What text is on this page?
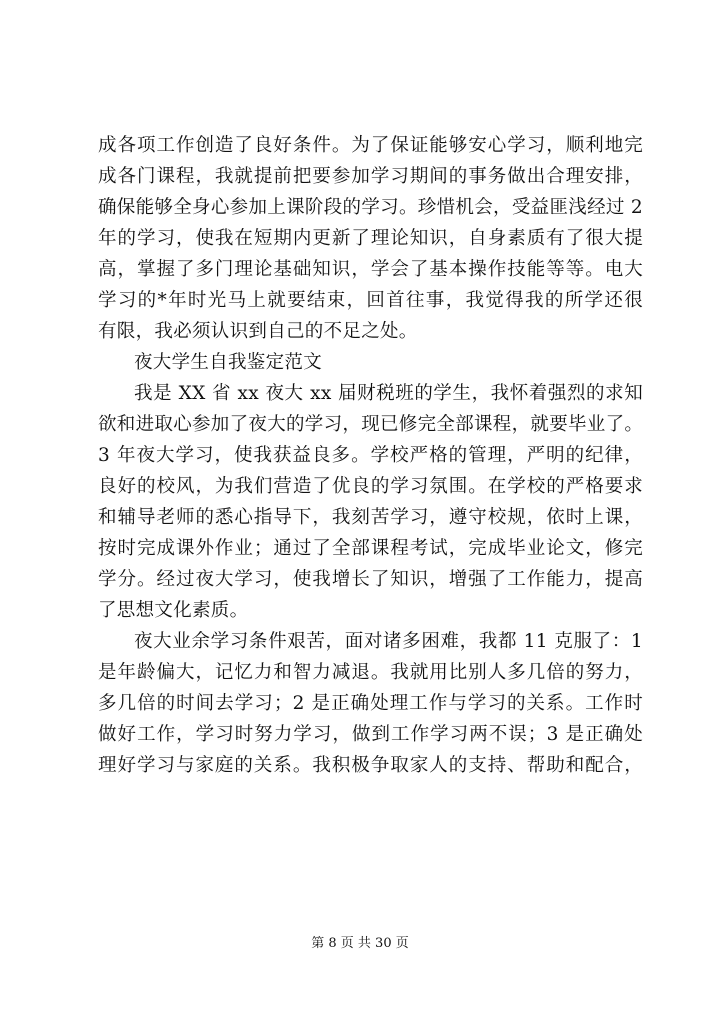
成各项工作创造了良好条件。为了保证能够安心学习，顺利地完
成各门课程，我就提前把要参加学习期间的事务做出合理安排，
确保能够全身心参加上课阶段的学习。珍惜机会，受益匪浅经过 2
年的学习，使我在短期内更新了理论知识，自身素质有了很大提
高，掌握了多门理论基础知识，学会了基本操作技能等等。电大
学习的*年时光马上就要结束，回首往事，我觉得我的所学还很
有限，我必须认识到自己的不足之处。
夜大学生自我鉴定范文
我是 XX 省 xx 夜大 xx 届财税班的学生，我怀着强烈的求知
欲和进取心参加了夜大的学习，现已修完全部课程，就要毕业了。
3 年夜大学习，使我获益良多。学校严格的管理，严明的纪律，
良好的校风，为我们营造了优良的学习氛围。在学校的严格要求
和辅导老师的悉心指导下，我刻苦学习，遵守校规，依时上课，
按时完成课外作业；通过了全部课程考试，完成毕业论文，修完
学分。经过夜大学习，使我增长了知识，增强了工作能力，提高
了思想文化素质。
夜大业余学习条件艰苦，面对诸多困难，我都 11 克服了：1
是年龄偏大，记忆力和智力减退。我就用比别人多几倍的努力，
多几倍的时间去学习；2 是正确处理工作与学习的关系。工作时
做好工作，学习时努力学习，做到工作学习两不误；3 是正确处
理好学习与家庭的关系。我积极争取家人的支持、帮助和配合，
第 8 页 共 30 页
